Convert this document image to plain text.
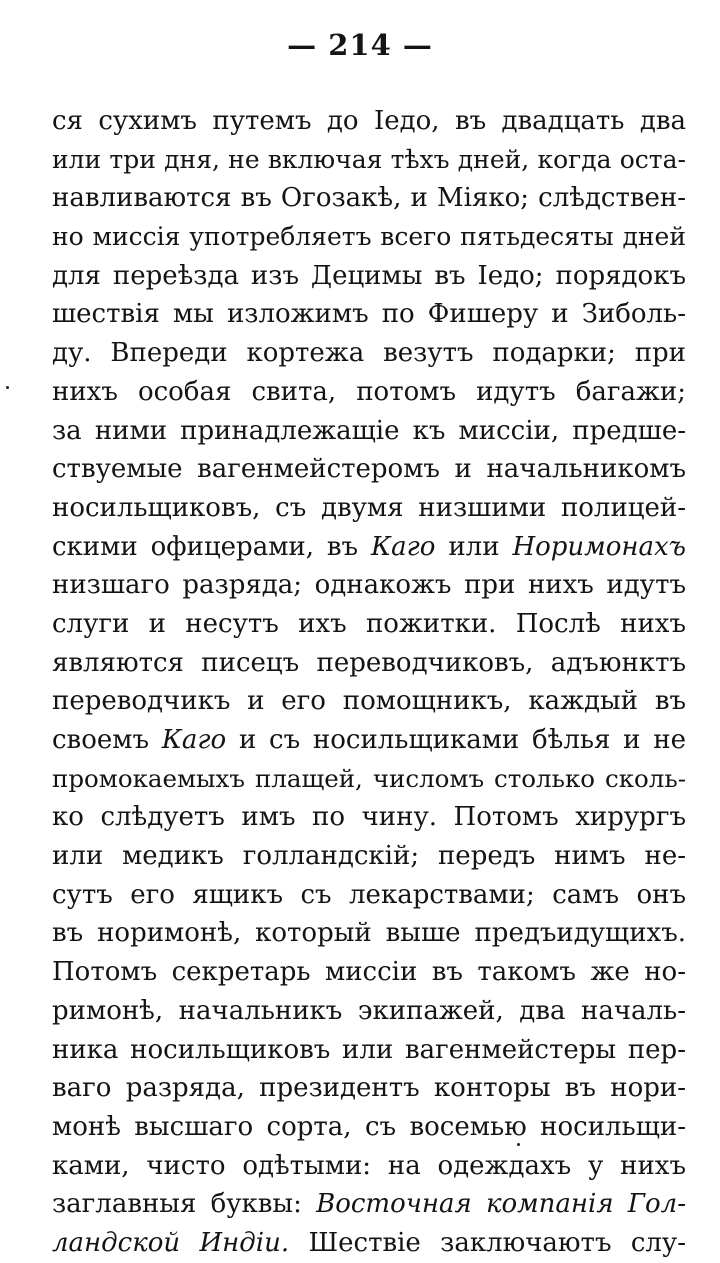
— 214 —
ся сухимъ путемъ до Іедо, въ двадцать два
или три дня, не включая тѣхъ дней, когда оста-
навливаются въ Огозакѣ, и Міяко; слѣдствен-
но миссія употребляетъ всего пятьдесяты дней
для переѣзда изъ Децимы въ Іедо; порядокъ
шествія мы изложимъ по Фишеру и Зиболь-
ду. Впереди кортежа везутъ подарки; при
нихъ особая свита, потомъ идутъ багажи;
за ними принадлежащіе къ миссіи, предше-
ствуемые вагенмейстеромъ и начальникомъ
носильщиковъ, съ двумя низшими полицей-
скими офицерами, въ Каго или Норимонахъ
низшаго разряда; однакожъ при нихъ идутъ
слуги и несутъ ихъ пожитки. Послѣ нихъ
являются писецъ переводчиковъ, адъюнктъ
переводчикъ и его помощникъ, каждый въ
своемъ Каго и съ носильщиками бѣлья и не
промокаемыхъ плащей, числомъ столько сколь-
ко слѣдуетъ имъ по чину. Потомъ хирургъ
или медикъ голландскій; передъ нимъ не-
сутъ его ящикъ съ лекарствами; самъ онъ
въ норимонѣ, который выше предъидущихъ.
Потомъ секретарь миссіи въ такомъ же но-
римонѣ, начальникъ экипажей, два началь-
ника носильщиковъ или вагенмейстеры пер-
ваго разряда, президентъ конторы въ нори-
монѣ высшаго сорта, съ восемью носильщи-
ками, чисто одѣтыми: на одеждахъ у нихъ
заглавныя буквы: Восточная компанія Гол-
ландской Индіи. Шествіе заключаютъ слу-
